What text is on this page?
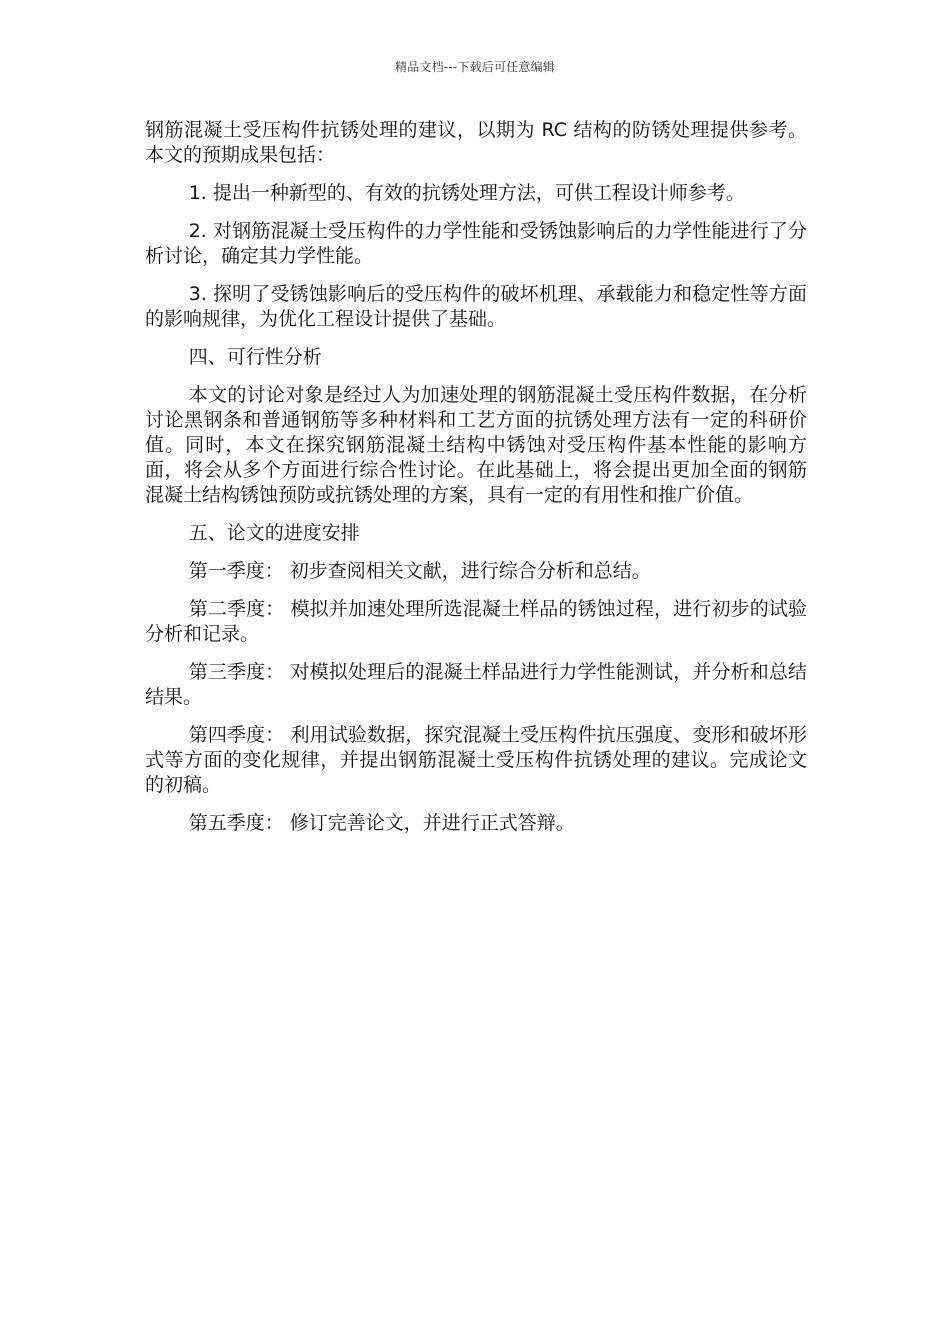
精品文档---下载后可任意编辑

钢筋混凝土受压构件抗锈处理的建议，以期为 RC 结构的防锈处理提供参考。本文的预期成果包括：

1. 提出一种新型的、有效的抗锈处理方法，可供工程设计师参考。

2. 对钢筋混凝土受压构件的力学性能和受锈蚀影响后的力学性能进行了分析讨论，确定其力学性能。

3. 探明了受锈蚀影响后的受压构件的破坏机理、承载能力和稳定性等方面的影响规律，为优化工程设计提供了基础。

四、可行性分析

本文的讨论对象是经过人为加速处理的钢筋混凝土受压构件数据，在分析讨论黑钢条和普通钢筋等多种材料和工艺方面的抗锈处理方法有一定的科研价值。同时，本文在探究钢筋混凝土结构中锈蚀对受压构件基本性能的影响方面，将会从多个方面进行综合性讨论。在此基础上，将会提出更加全面的钢筋混凝土结构锈蚀预防或抗锈处理的方案，具有一定的有用性和推广价值。

五、论文的进度安排

第一季度： 初步查阅相关文献，进行综合分析和总结。

第二季度： 模拟并加速处理所选混凝土样品的锈蚀过程，进行初步的试验分析和记录。

第三季度： 对模拟处理后的混凝土样品进行力学性能测试，并分析和总结结果。

第四季度： 利用试验数据，探究混凝土受压构件抗压强度、变形和破坏形式等方面的变化规律，并提出钢筋混凝土受压构件抗锈处理的建议。完成论文的初稿。

第五季度： 修订完善论文，并进行正式答辩。
